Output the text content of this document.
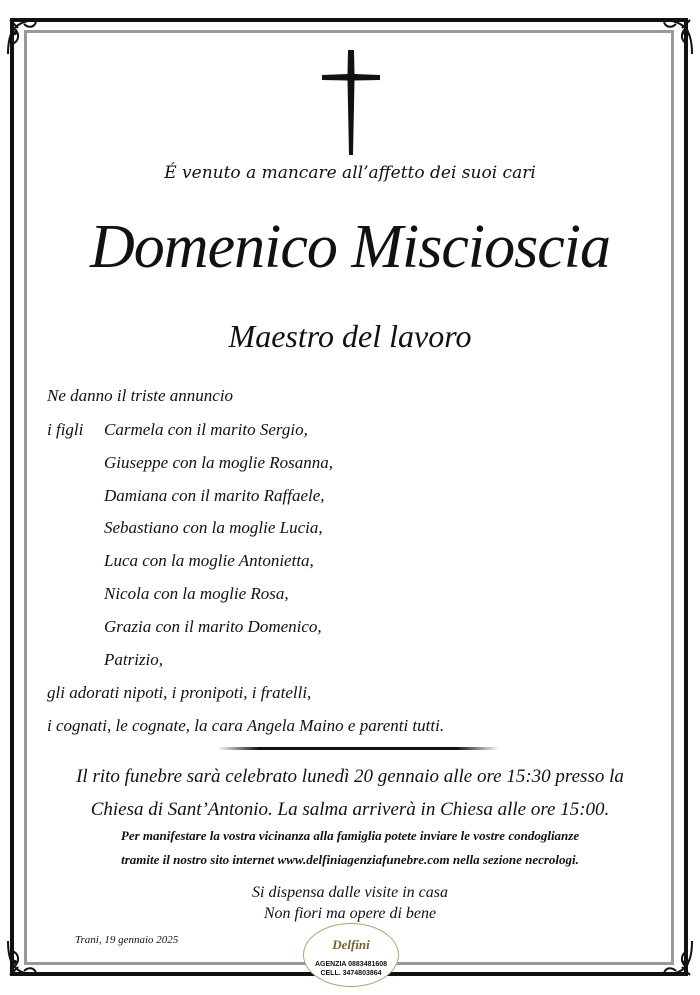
É venuto a mancare all’affetto dei suoi cari
Domenico Miscioscia
Maestro del lavoro
Ne danno il triste annuncio
i figli Carmela con il marito Sergio,
Giuseppe con la moglie Rosanna,
Damiana con il marito Raffaele,
Sebastiano con la moglie Lucia,
Luca con la moglie Antonietta,
Nicola con la moglie Rosa,
Grazia con il marito Domenico,
Patrizio,
gli adorati nipoti, i pronipoti, i fratelli,
i cognati, le cognate, la cara Angela Maino e parenti tutti.
Il rito funebre sarà celebrato lunedì 20 gennaio alle ore 15:30 presso la
Chiesa di Sant’Antonio. La salma arriverà in Chiesa alle ore 15:00.
Per manifestare la vostra vicinanza alla famiglia potete inviare le vostre condoglianze
tramite il nostro sito internet www.delfiniagenziafunebre.com nella sezione necrologi.
Si dispensa dalle visite in casa
Non fiori ma opere di bene
Trani, 19 gennaio 2025	Delfini
AGENZIA 0883481608
CELL. 3474803864
